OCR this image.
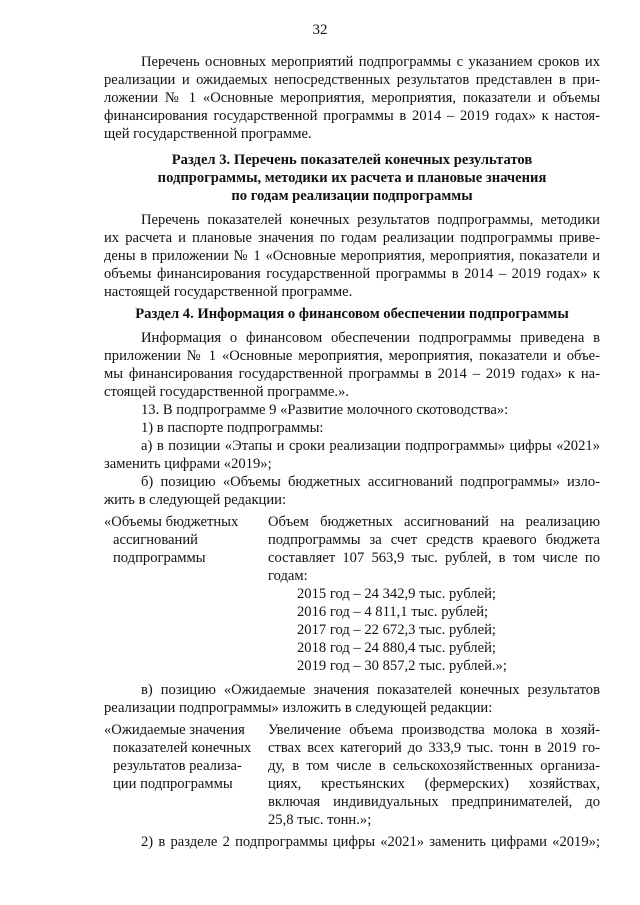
32
Перечень основных мероприятий подпрограммы с указанием сроков их
реализации и ожидаемых непосредственных результатов представлен в при-
ложении № 1 «Основные мероприятия, мероприятия, показатели и объемы
финансирования государственной программы в 2014 – 2019 годах» к настоя-
щей государственной программе.
Раздел 3. Перечень показателей конечных результатов
подпрограммы, методики их расчета и плановые значения
по годам реализации подпрограммы
Перечень показателей конечных результатов подпрограммы, методики
их расчета и плановые значения по годам реализации подпрограммы приве-
дены в приложении № 1 «Основные мероприятия, мероприятия, показатели и
объемы финансирования государственной программы в 2014 – 2019 годах» к
настоящей государственной программе.
Раздел 4. Информация о финансовом обеспечении подпрограммы
Информация о финансовом обеспечении подпрограммы приведена в
приложении № 1 «Основные мероприятия, мероприятия, показатели и объе-
мы финансирования государственной программы в 2014 – 2019 годах» к на-
стоящей государственной программе.».
13. В подпрограмме 9 «Развитие молочного скотоводства»:
1) в паспорте подпрограммы:
а) в позиции «Этапы и сроки реализации подпрограммы» цифры «2021»
заменить цифрами «2019»;
б) позицию «Объемы бюджетных ассигнований подпрограммы» изло-
жить в следующей редакции:
«Объемы бюджетных
ассигнований
подпрограммы
Объем бюджетных ассигнований на реализацию
подпрограммы за счет средств краевого бюджета
составляет 107 563,9 тыс. рублей, в том числе по
годам:
2015 год – 24 342,9 тыс. рублей;
2016 год – 4 811,1 тыс. рублей;
2017 год – 22 672,3 тыс. рублей;
2018 год – 24 880,4 тыс. рублей;
2019 год – 30 857,2 тыс. рублей.»;
в) позицию «Ожидаемые значения показателей конечных результатов
реализации подпрограммы» изложить в следующей редакции:
«Ожидаемые значения
показателей конечных
результатов реализа-
ции подпрограммы
Увеличение объема производства молока в хозяй-
ствах всех категорий до 333,9 тыс. тонн в 2019 го-
ду, в том числе в сельскохозяйственных организа-
циях, крестьянских (фермерских) хозяйствах,
включая индивидуальных предпринимателей, до
25,8 тыс. тонн.»;
2) в разделе 2 подпрограммы цифры «2021» заменить цифрами «2019»;
